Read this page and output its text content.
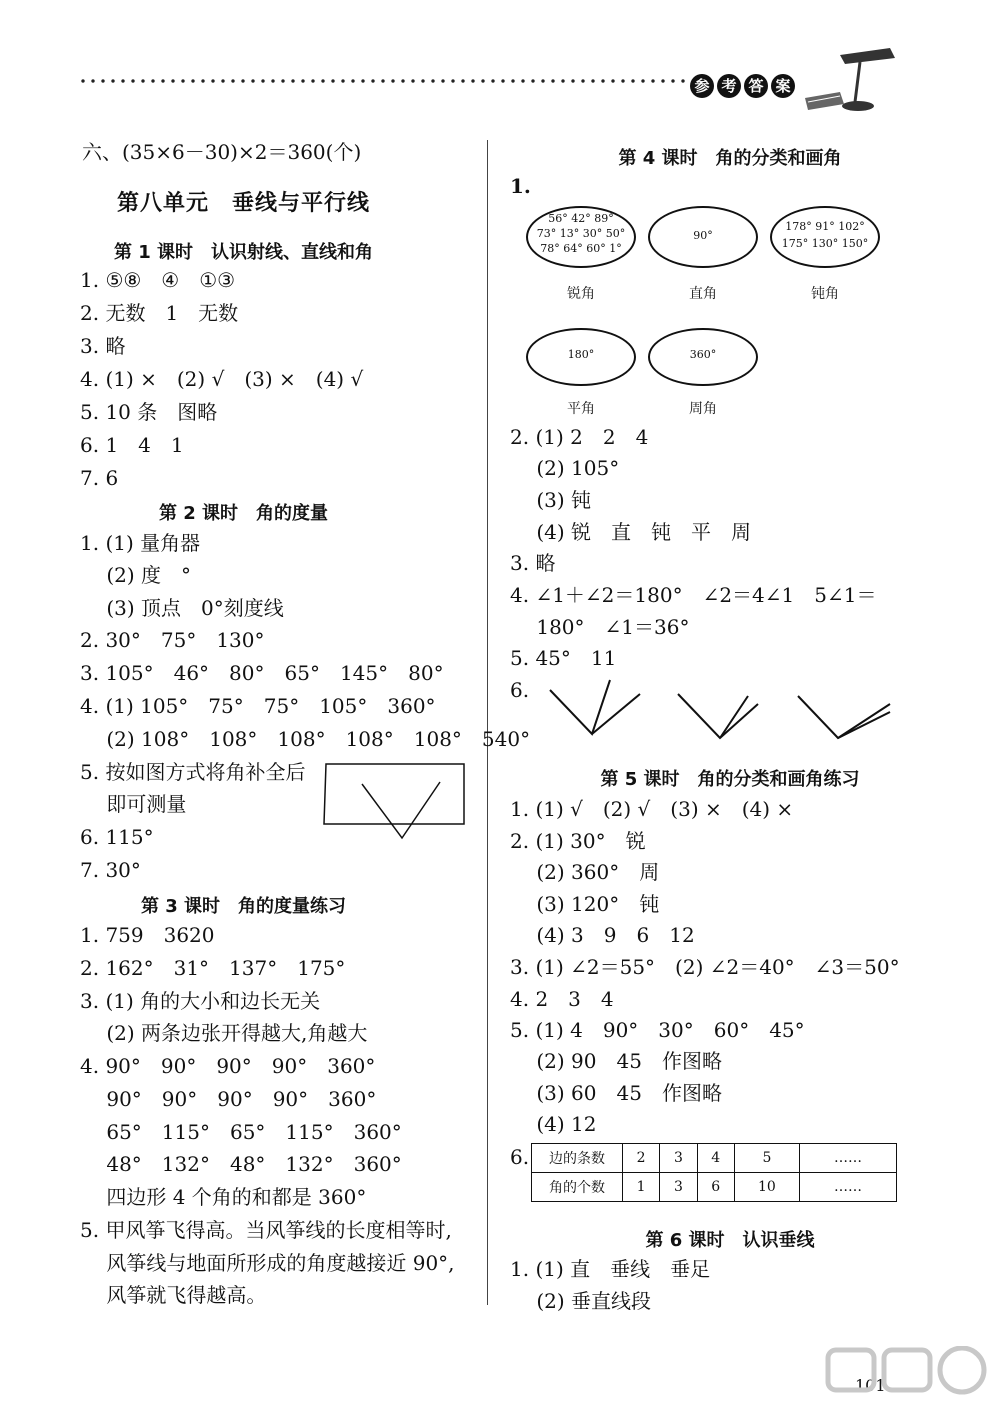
参 考 答 案
六、(35×6－30)×2＝360(个)
第八单元　垂线与平行线
第 1 课时　认识射线、直线和角
1. ⑤⑧　④　①③
2. 无数　1　无数
3. 略
4. (1) ×　(2) √　(3) ×　(4) √
5. 10 条　图略
6. 1　4　1
7. 6
第 2 课时　角的度量
1. (1) 量角器
　 (2) 度　°
　 (3) 顶点　0°刻度线
2. 30°　75°　130°
3. 105°　46°　80°　65°　145°　80°
4. (1) 105°　75°　75°　105°　360°
　 (2) 108°　108°　108°　108°　108°　540°
5. 按如图方式将角补全后
　 即可测量
6. 115°
7. 30°
第 3 课时　角的度量练习
1. 759　3620
2. 162°　31°　137°　175°
3. (1) 角的大小和边长无关
　 (2) 两条边张开得越大,角越大
4. 90°　90°　90°　90°　360°
　 90°　90°　90°　90°　360°
　 65°　115°　65°　115°　360°
　 48°　132°　48°　132°　360°
　 四边形 4 个角的和都是 360°
5. 甲风筝飞得高。当风筝线的长度相等时,
　 风筝线与地面所形成的角度越接近 90°,
　 风筝就飞得越高。
第 4 课时　角的分类和画角
1.
56° 42° 89°
73° 13° 30° 50°
78° 64° 60° 1°
锐角
90°
直角
178° 91° 102°
175° 130° 150°
钝角
180°
平角
360°
周角
2. (1) 2　2　4
　 (2) 105°
　 (3) 钝
　 (4) 锐　直　钝　平　周
3. 略
4. ∠1＋∠2＝180°　∠2＝4∠1　5∠1＝
　 180°　∠1＝36°
5. 45°　11
6.
第 5 课时　角的分类和画角练习
1. (1) √　(2) √　(3) ×　(4) ×
2. (1) 30°　锐
　 (2) 360°　周
　 (3) 120°　钝
　 (4) 3　9　6　12
3. (1) ∠2＝55°　(2) ∠2＝40°　∠3＝50°
4. 2　3　4
5. (1) 4　90°　30°　60°　45°
　 (2) 90　45　作图略
　 (3) 60　45　作图略
　 (4) 12
6. 边的条数	2	3	4	5	……
角的个数	1	3	6	10	……
第 6 课时　认识垂线
1. (1) 直　垂线　垂足
　 (2) 垂直线段
101
